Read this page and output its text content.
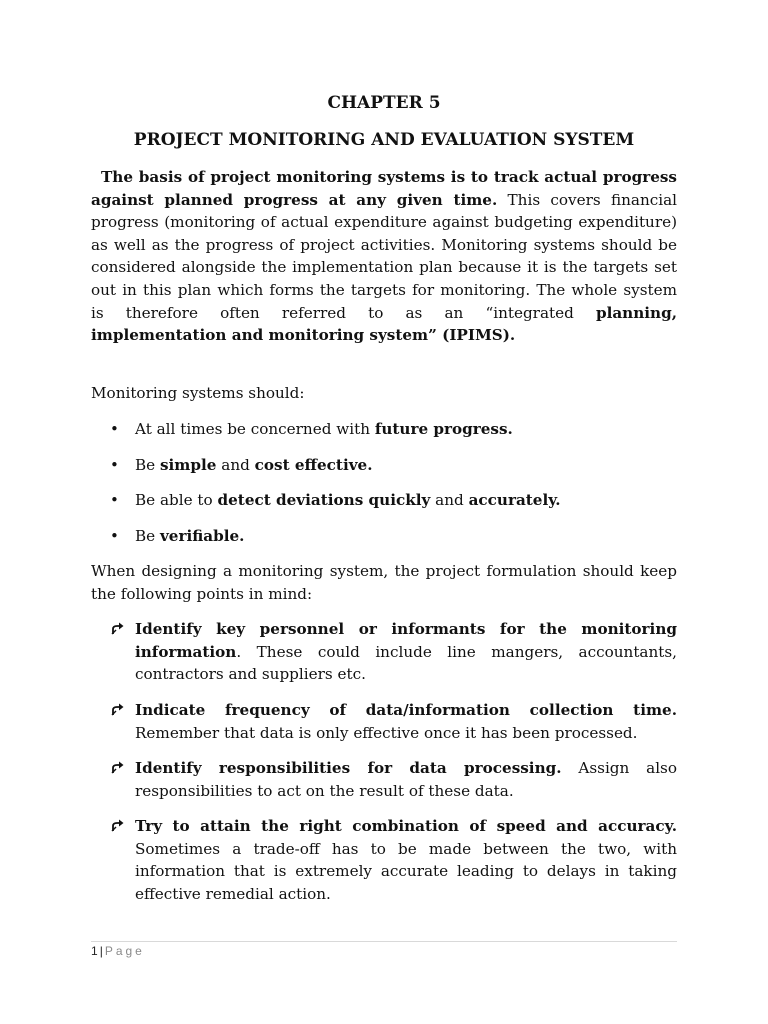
CHAPTER 5
PROJECT MONITORING AND EVALUATION SYSTEM

The basis of project monitoring systems is to track actual progress against planned progress at any given time. This covers financial progress (monitoring of actual expenditure against budgeting expenditure) as well as the progress of project activities. Monitoring systems should be considered alongside the implementation plan because it is the targets set out in this plan which forms the targets for monitoring. The whole system is therefore often referred to as an “integrated planning, implementation and monitoring system” (IPIMS).

Monitoring systems should:

• At all times be concerned with future progress.
• Be simple and cost effective.
• Be able to detect deviations quickly and accurately.
• Be verifiable.

When designing a monitoring system, the project formulation should keep the following points in mind:

Identify key personnel or informants for the monitoring information. These could include line mangers, accountants, contractors and suppliers etc.
Indicate frequency of data/information collection time. Remember that data is only effective once it has been processed.
Identify responsibilities for data processing. Assign also responsibilities to act on the result of these data.
Try to attain the right combination of speed and accuracy. Sometimes a trade-off has to be made between the two, with information that is extremely accurate leading to delays in taking effective remedial action.
1 | Page
